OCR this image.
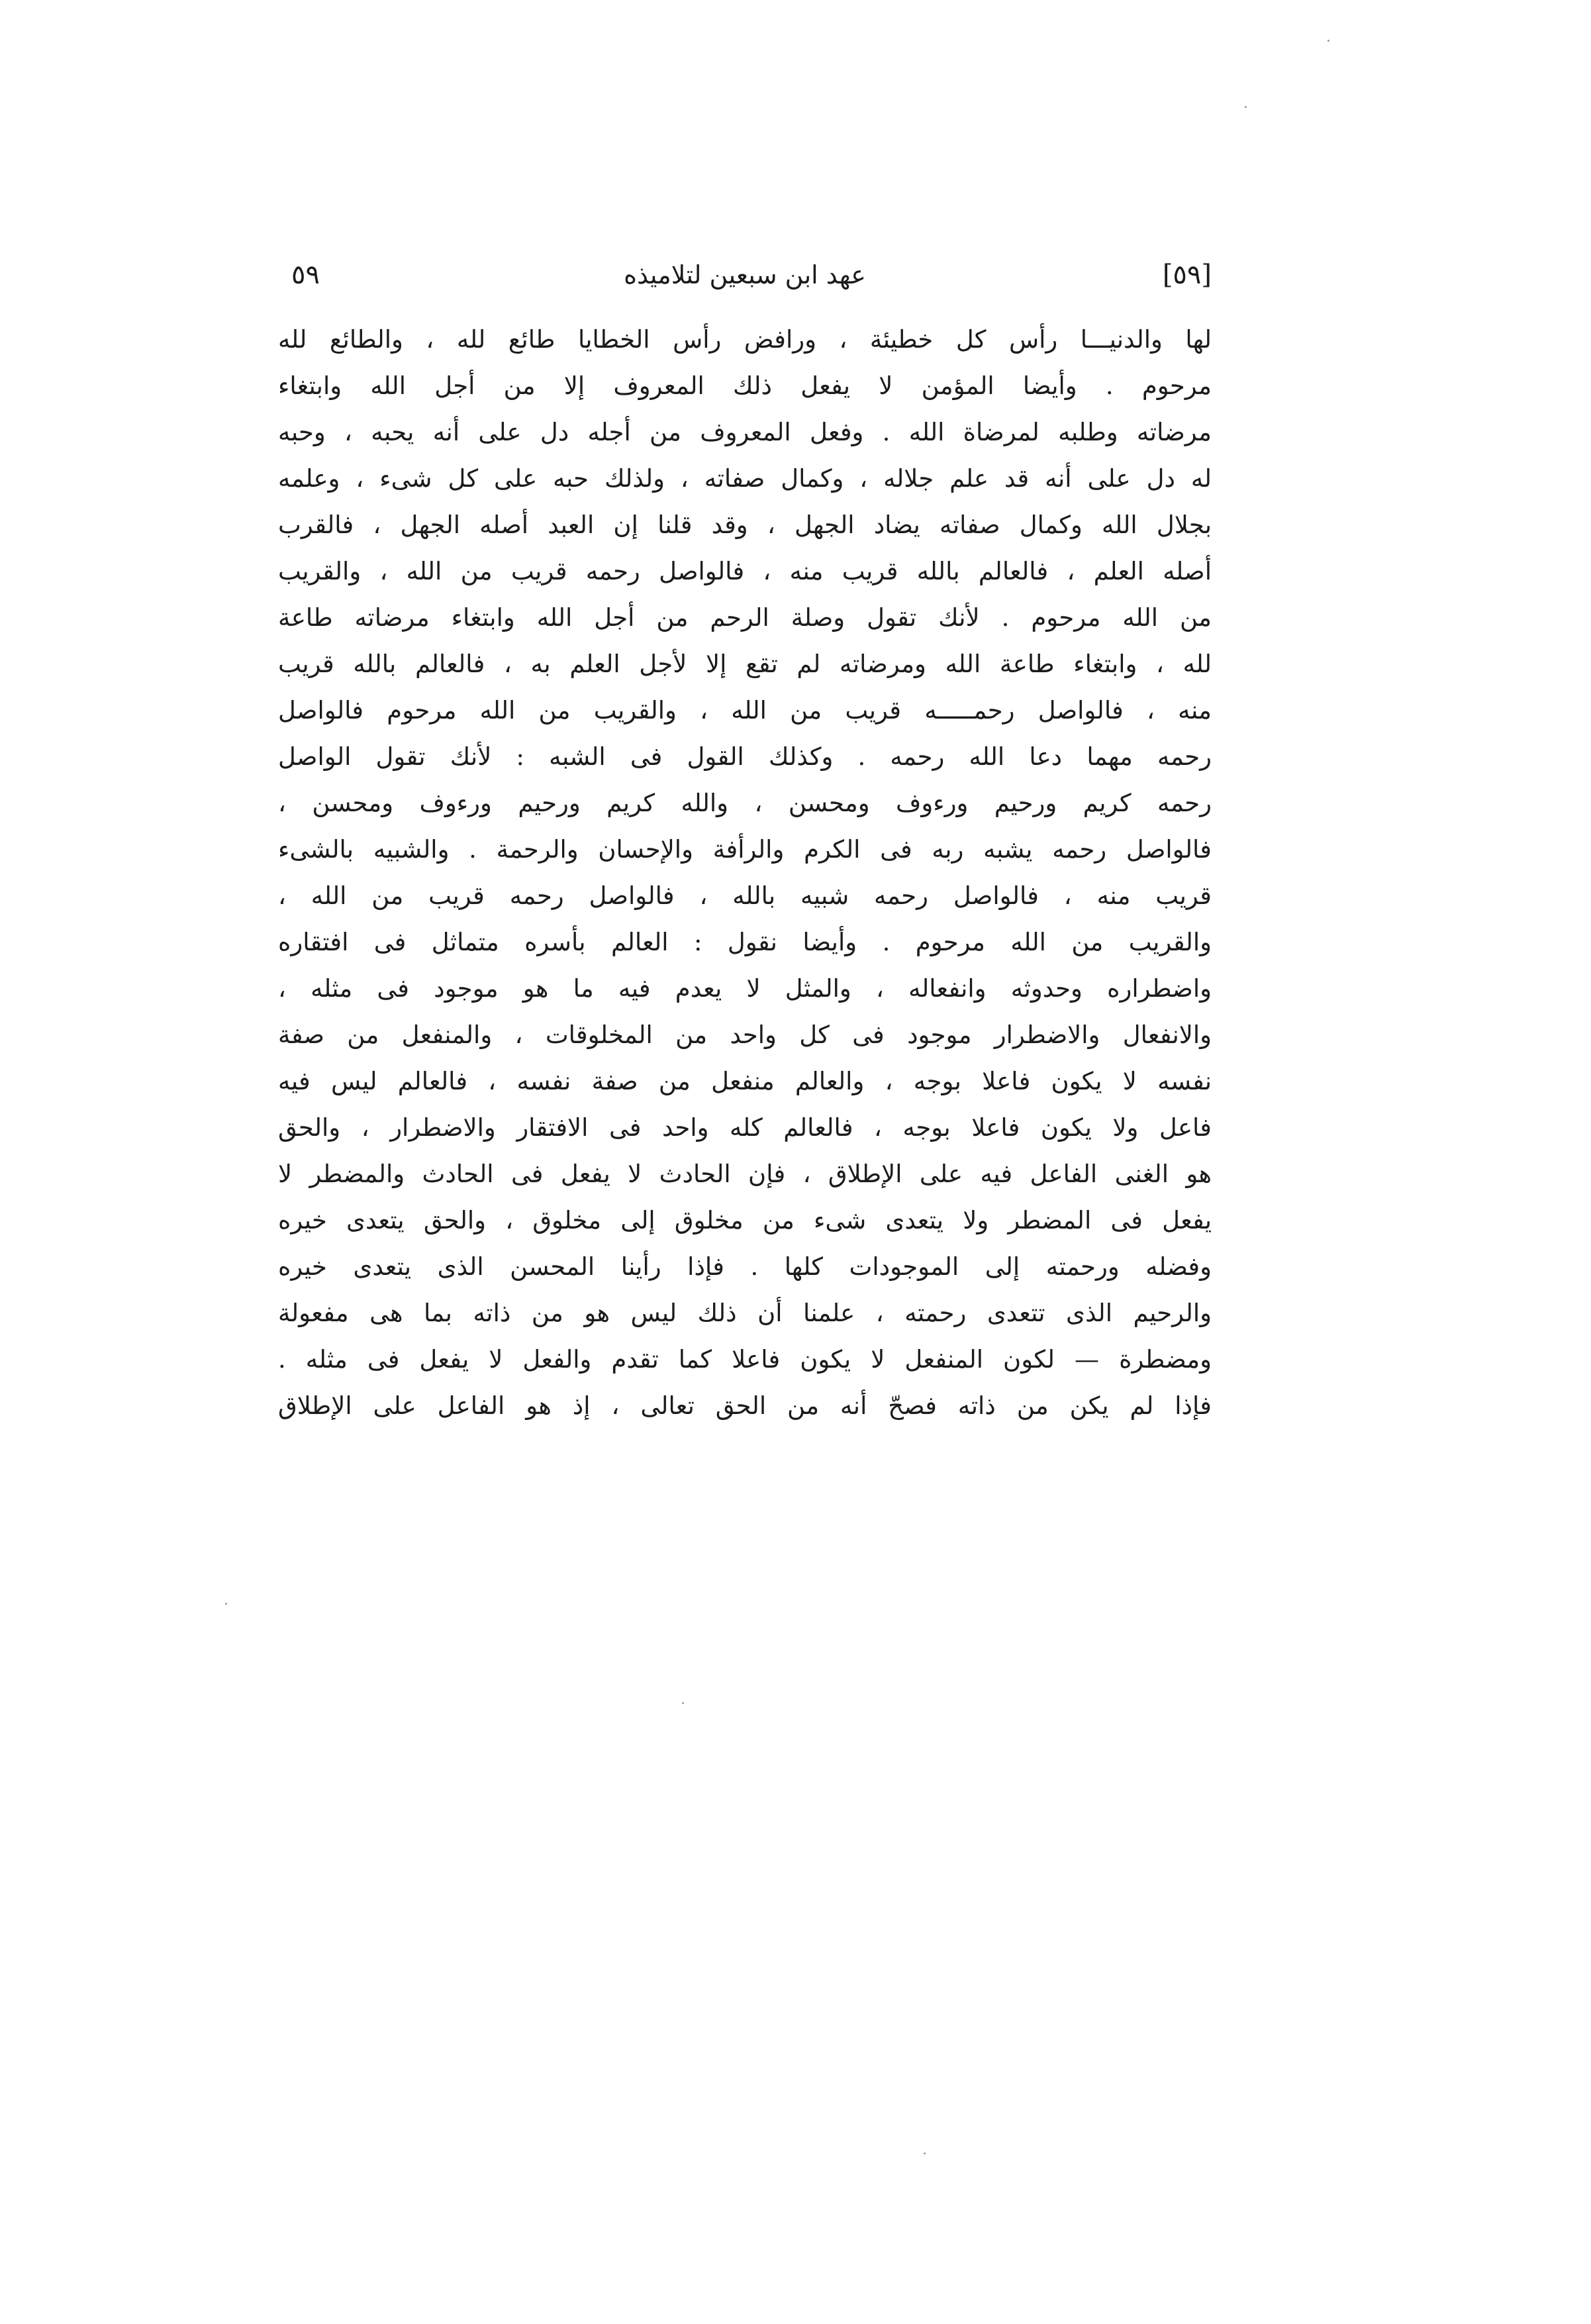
٥٩	عهد ابن سبعين لتلاميذه	[٥٩]
لها والدنيـــا رأس كل خطيئة ، ورافض رأس الخطايا طائع لله ، والطائع لله
مرحوم . وأيضا المؤمن لا يفعل ذلك المعروف إلا من أجل الله وابتغاء
مرضاته وطلبه لمرضاة الله . وفعل المعروف من أجله دل على أنه يحبه ، وحبه
له دل على أنه قد علم جلاله ، وكمال صفاته ، ولذلك حبه على كل شىء ، وعلمه
بجلال الله وكمال صفاته يضاد الجهل ، وقد قلنا إن العبد أصله الجهل ، فالقرب
أصله العلم ، فالعالم بالله قريب منه ، فالواصل رحمه قريب من الله ، والقريب
من الله مرحوم . لأنك تقول وصلة الرحم من أجل الله وابتغاء مرضاته طاعة
لله ، وابتغاء طاعة الله ومرضاته لم تقع إلا لأجل العلم به ، فالعالم بالله قريب
منه ، فالواصل رحمـــــه قريب من الله ، والقريب من الله مرحوم فالواصل
رحمه مهما دعا الله رحمه . وكذلك القول فى الشبه : لأنك تقول الواصل
رحمه كريم ورحيم ورءوف ومحسن ، والله كريم ورحيم ورءوف ومحسن ،
فالواصل رحمه يشبه ربه فى الكرم والرأفة والإحسان والرحمة . والشبيه بالشىء
قريب منه ، فالواصل رحمه شبيه بالله ، فالواصل رحمه قريب من الله ،
والقريب من الله مرحوم . وأيضا نقول : العالم بأسره متماثل فى افتقاره
واضطراره وحدوثه وانفعاله ، والمثل لا يعدم فيه ما هو موجود فى مثله ،
والانفعال والاضطرار موجود فى كل واحد من المخلوقات ، والمنفعل من صفة
نفسه لا يكون فاعلا بوجه ، والعالم منفعل من صفة نفسه ، فالعالم ليس فيه
فاعل ولا يكون فاعلا بوجه ، فالعالم كله واحد فى الافتقار والاضطرار ، والحق
هو الغنى الفاعل فيه على الإطلاق ، فإن الحادث لا يفعل فى الحادث والمضطر لا
يفعل فى المضطر ولا يتعدى شىء من مخلوق إلى مخلوق ، والحق يتعدى خيره
وفضله ورحمته إلى الموجودات كلها . فإذا رأينا المحسن الذى يتعدى خيره
والرحيم الذى تتعدى رحمته ، علمنا أن ذلك ليس هو من ذاته بما هى مفعولة
ومضطرة — لكون المنفعل لا يكون فاعلا كما تقدم والفعل لا يفعل فى مثله .
فإذا لم يكن من ذاته فصحّ أنه من الحق تعالى ، إذ هو الفاعل على الإطلاق
